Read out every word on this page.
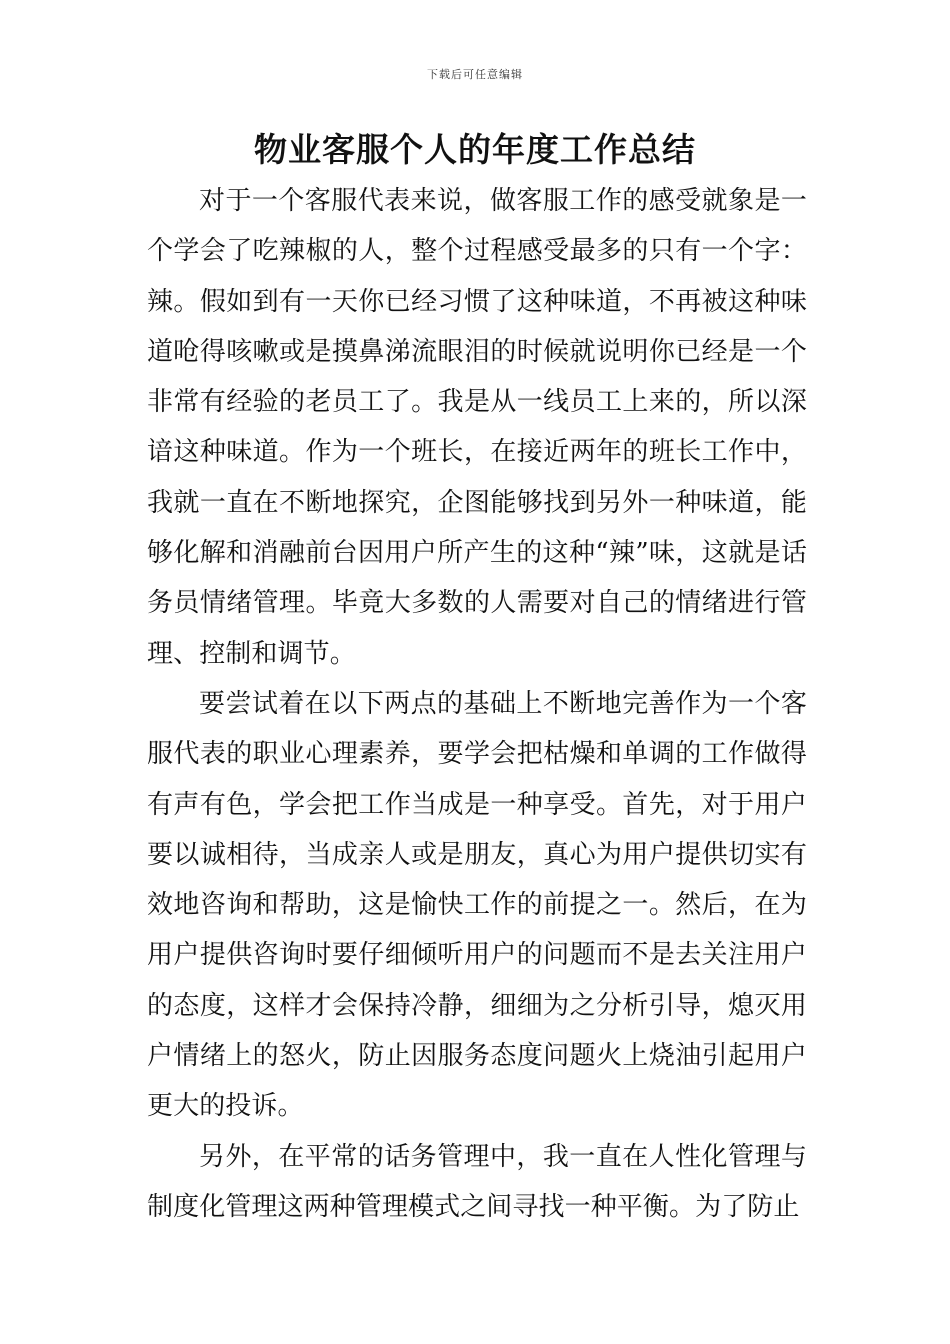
下载后可任意编辑
物业客服个人的年度工作总结

对于一个客服代表来说，做客服工作的感受就象是一个学会了吃辣椒的人，整个过程感受最多的只有一个字：辣。假如到有一天你已经习惯了这种味道，不再被这种味道呛得咳嗽或是摸鼻涕流眼泪的时候就说明你已经是一个非常有经验的老员工了。我是从一线员工上来的，所以深谙这种味道。作为一个班长，在接近两年的班长工作中，我就一直在不断地探究，企图能够找到另外一种味道，能够化解和消融前台因用户所产生的这种“辣”味，这就是话务员情绪管理。毕竟大多数的人需要对自己的情绪进行管理、控制和调节。

要尝试着在以下两点的基础上不断地完善作为一个客服代表的职业心理素养，要学会把枯燥和单调的工作做得有声有色，学会把工作当成是一种享受。首先，对于用户要以诚相待，当成亲人或是朋友，真心为用户提供切实有效地咨询和帮助，这是愉快工作的前提之一。然后，在为用户提供咨询时要仔细倾听用户的问题而不是去关注用户的态度，这样才会保持冷静，细细为之分析引导，熄灭用户情绪上的怒火，防止因服务态度问题火上烧油引起用户更大的投诉。

另外，在平常的话务管理中，我一直在人性化管理与制度化管理这两种管理模式之间寻找一种平衡。为了防止
